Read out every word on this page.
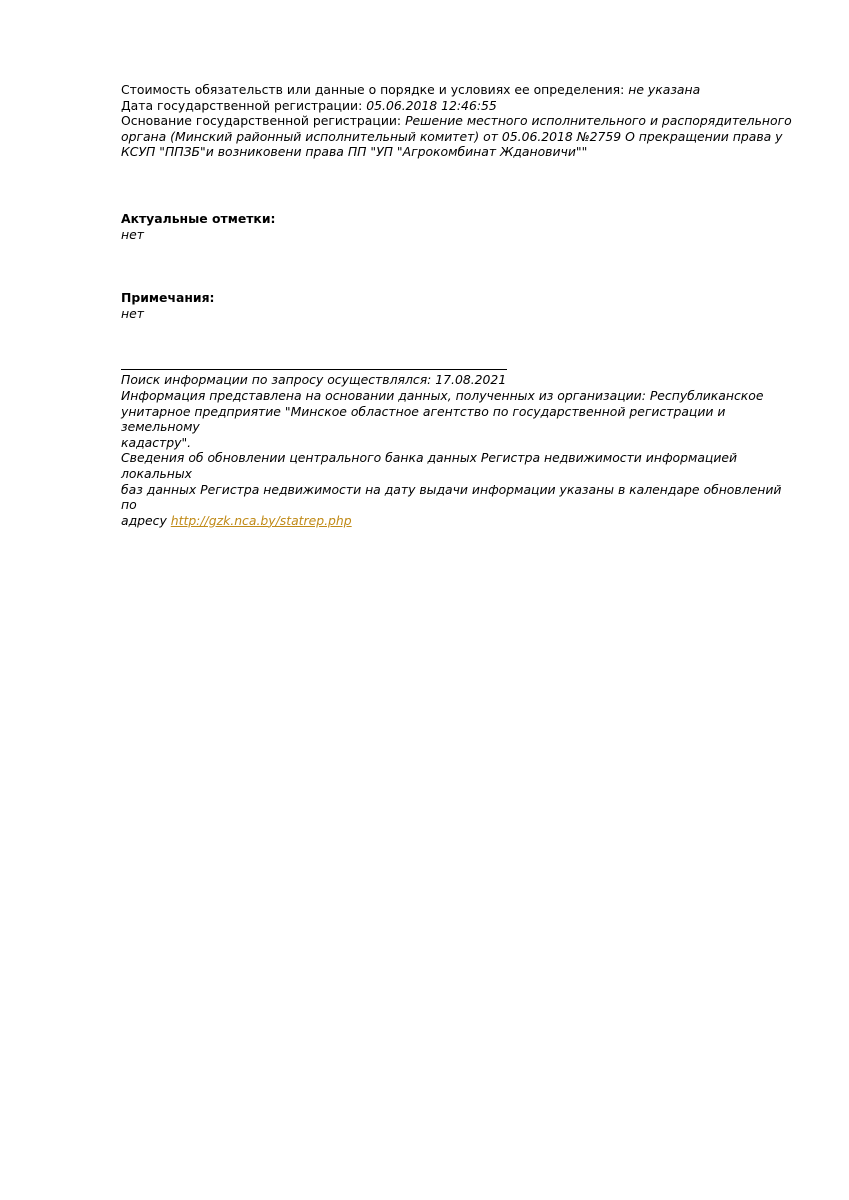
Стоимость обязательств или данные о порядке и условиях ее определения: не указана
Дата государственной регистрации: 05.06.2018 12:46:55
Основание государственной регистрации: Решение местного исполнительного и распорядительного
органа (Минский районный исполнительный комитет) от 05.06.2018 №2759 О прекращении права у
КСУП "ППЗБ"и возниковени права ПП "УП "Агрокомбинат Ждановичи""
Актуальные отметки:
нет
Примечания:
нет
Поиск информации по запросу осуществлялся: 17.08.2021
Информация представлена на основании данных, полученных из организации: Республиканское
унитарное предприятие "Минское областное агентство по государственной регистрации и земельному
кадастру".
Сведения об обновлении центрального банка данных Регистра недвижимости информацией локальных
баз данных Регистра недвижимости на дату выдачи информации указаны в календаре обновлений по
адресу http://gzk.nca.by/statrep.php
